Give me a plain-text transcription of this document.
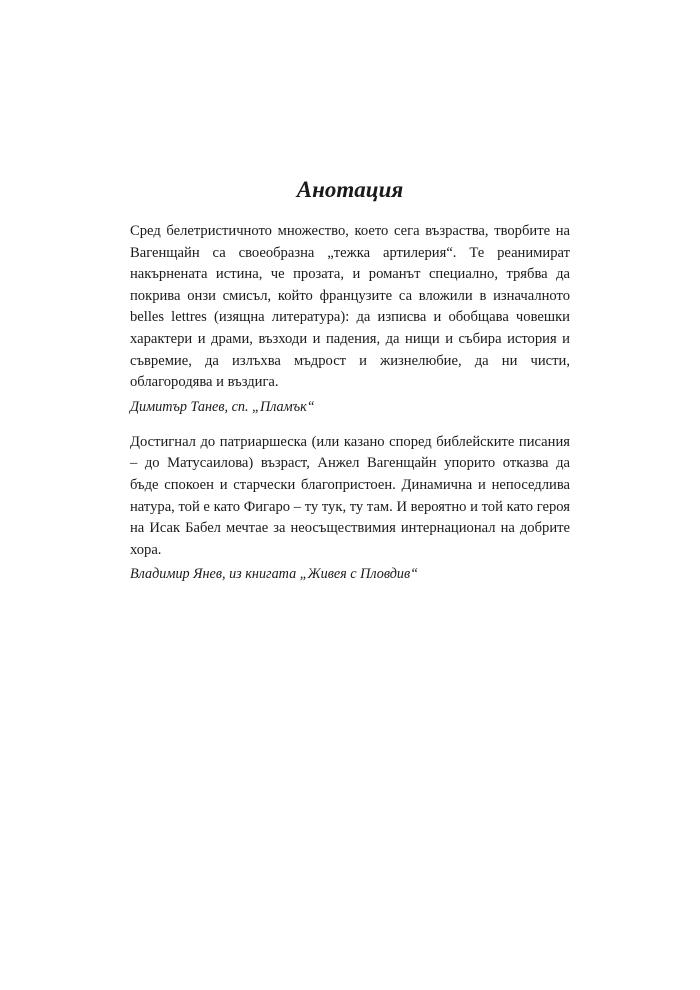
Анотация

Сред белетристичното множество, което сега възраства, творбите на Вагенщайн са своеобразна „тежка артилерия“. Те реанимират накърнената истина, че прозата, и романът специално, трябва да покрива онзи смисъл, който французите са вложили в изначалното belles lettres (изящна литература): да изписва и обобщава човешки характери и драми, възходи и падения, да нищи и събира история и съвремие, да излъхва мъдрост и жизнелюбие, да ни чисти, облагородява и въздига.

Димитър Танев, сп. „Пламък“

Достигнал до патриаршеска (или казано според библейските писания – до Матусаилова) възраст, Анжел Вагенщайн упорито отказва да бъде спокоен и старчески благопристоен. Динамична и непоседлива натура, той е като Фигаро – ту тук, ту там. И вероятно и той като героя на Исак Бабел мечтае за неосъществимия интернационал на добрите хора.

Владимир Янев, из книгата „Живея с Пловдив“
